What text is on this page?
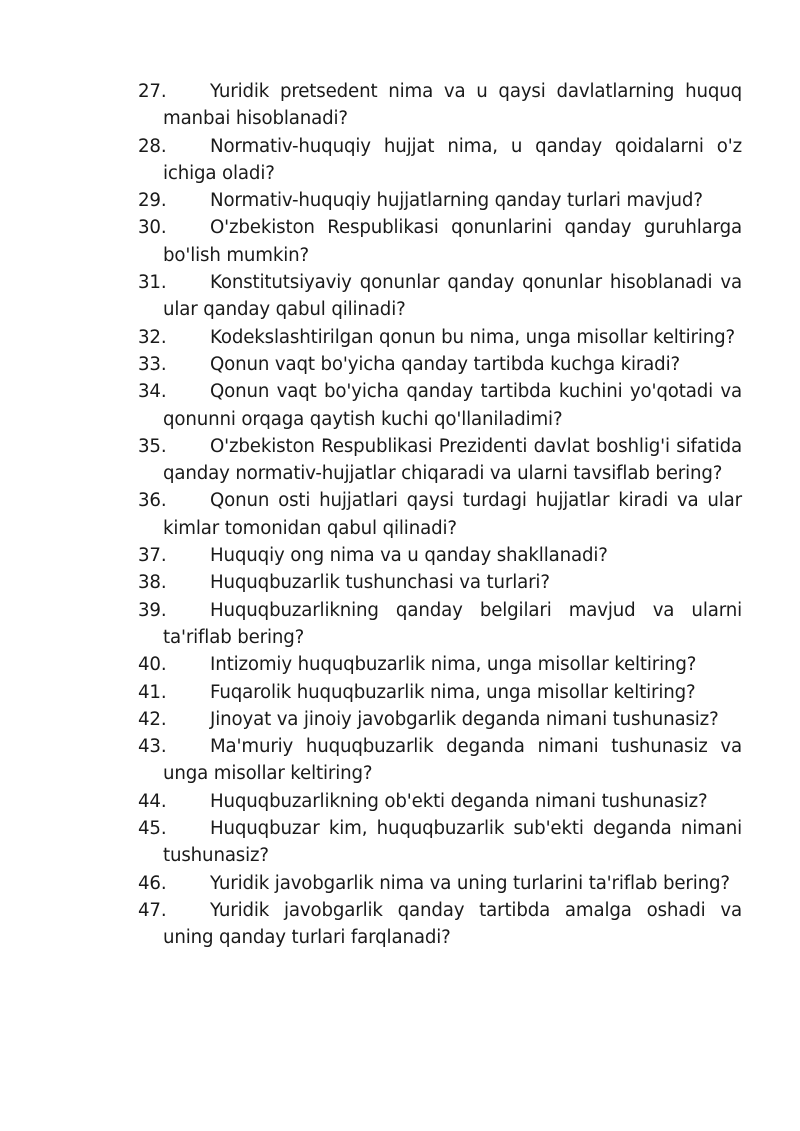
27. Yuridik pretsedent nima va u qaysi davlatlarning huquq manbai hisoblanadi?
28. Normativ-huquqiy hujjat nima, u qanday qoidalarni o'z ichiga oladi?
29. Normativ-huquqiy hujjatlarning qanday turlari mavjud?
30. O'zbekiston Respublikasi qonunlarini qanday guruhlarga bo'lish mumkin?
31. Konstitutsiyaviy qonunlar qanday qonunlar hisoblanadi va ular qanday qabul qilinadi?
32. Kodekslashtirilgan qonun bu nima, unga misollar keltiring?
33. Qonun vaqt bo'yicha qanday tartibda kuchga kiradi?
34. Qonun vaqt bo'yicha qanday tartibda kuchini yo'qotadi va qonunni orqaga qaytish kuchi qo'llaniladimi?
35. O'zbekiston Respublikasi Prezidenti davlat boshlig'i sifatida qanday normativ-hujjatlar chiqaradi va ularni tavsiflab bering?
36. Qonun osti hujjatlari qaysi turdagi hujjatlar kiradi va ular kimlar tomonidan qabul qilinadi?
37. Huquqiy ong nima va u qanday shakllanadi?
38. Huquqbuzarlik tushunchasi va turlari?
39. Huquqbuzarlikning qanday belgilari mavjud va ularni ta'riflab bering?
40. Intizomiy huquqbuzarlik nima, unga misollar keltiring?
41. Fuqarolik huquqbuzarlik nima, unga misollar keltiring?
42. Jinoyat va jinoiy javobgarlik deganda nimani tushunasiz?
43. Ma'muriy huquqbuzarlik deganda nimani tushunasiz va unga misollar keltiring?
44. Huquqbuzarlikning ob'ekti deganda nimani tushunasiz?
45. Huquqbuzar kim, huquqbuzarlik sub'ekti deganda nimani tushunasiz?
46. Yuridik javobgarlik nima va uning turlarini ta'riflab bering?
47. Yuridik javobgarlik qanday tartibda amalga oshadi va uning qanday turlari farqlanadi?
